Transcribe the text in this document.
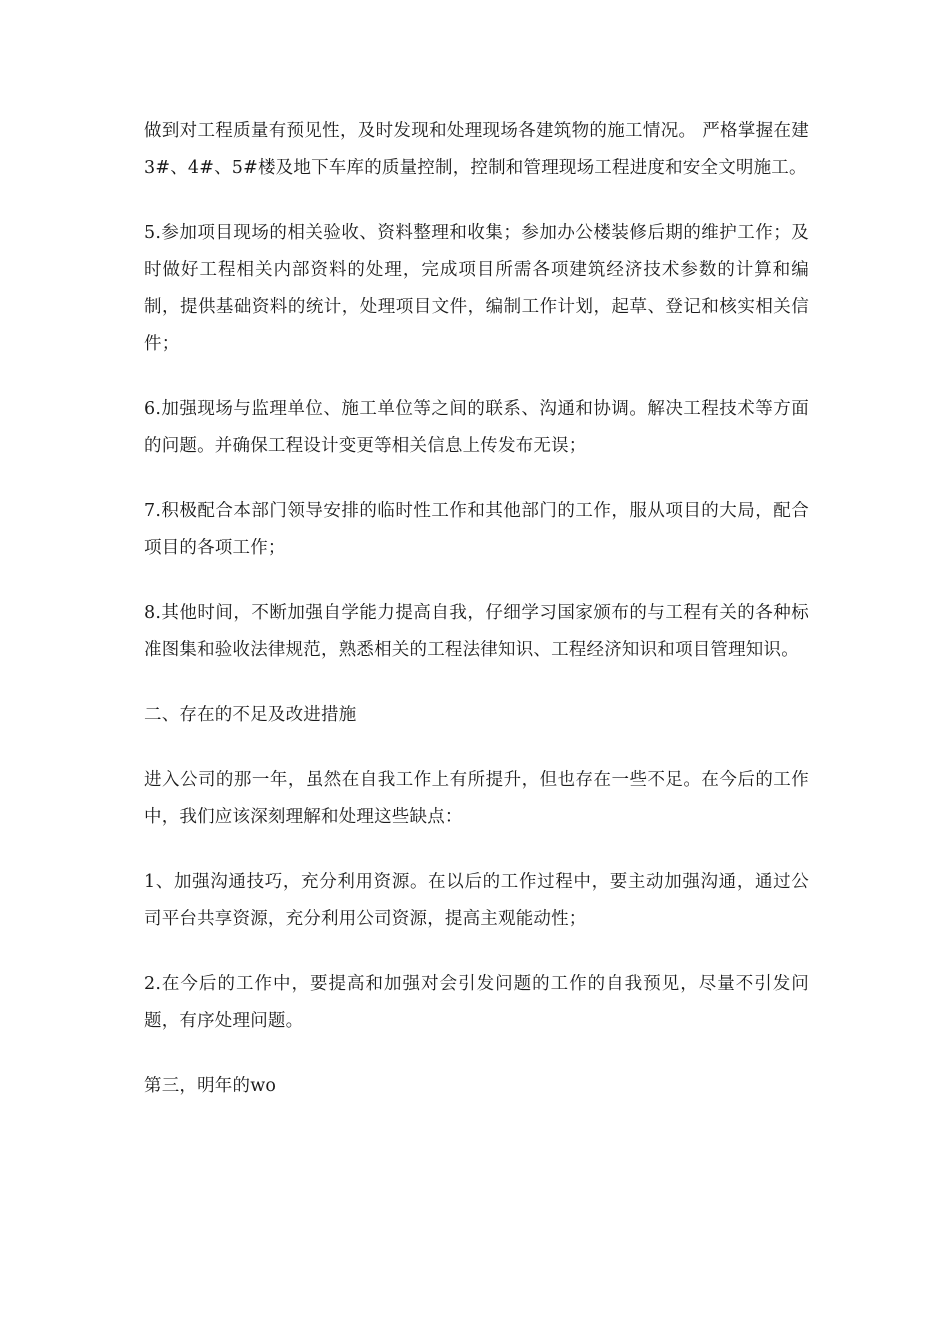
做到对工程质量有预见性，及时发现和处理现场各建筑物的施工情况。 严格掌握在建3#、4#、5#楼及地下车库的质量控制，控制和管理现场工程进度和安全文明施工。

5.参加项目现场的相关验收、资料整理和收集；参加办公楼装修后期的维护工作；及时做好工程相关内部资料的处理，完成项目所需各项建筑经济技术参数的计算和编制，提供基础资料的统计，处理项目文件，编制工作计划，起草、登记和核实相关信件；

6.加强现场与监理单位、施工单位等之间的联系、沟通和协调。解决工程技术等方面的问题。并确保工程设计变更等相关信息上传发布无误；

7.积极配合本部门领导安排的临时性工作和其他部门的工作，服从项目的大局，配合项目的各项工作；

8.其他时间，不断加强自学能力提高自我，仔细学习国家颁布的与工程有关的各种标准图集和验收法律规范，熟悉相关的工程法律知识、工程经济知识和项目管理知识。

二、存在的不足及改进措施

进入公司的那一年，虽然在自我工作上有所提升，但也存在一些不足。在今后的工作中，我们应该深刻理解和处理这些缺点：

1、加强沟通技巧，充分利用资源。在以后的工作过程中，要主动加强沟通，通过公司平台共享资源，充分利用公司资源，提高主观能动性；

2.在今后的工作中，要提高和加强对会引发问题的工作的自我预见，尽量不引发问题，有序处理问题。

第三，明年的wo
